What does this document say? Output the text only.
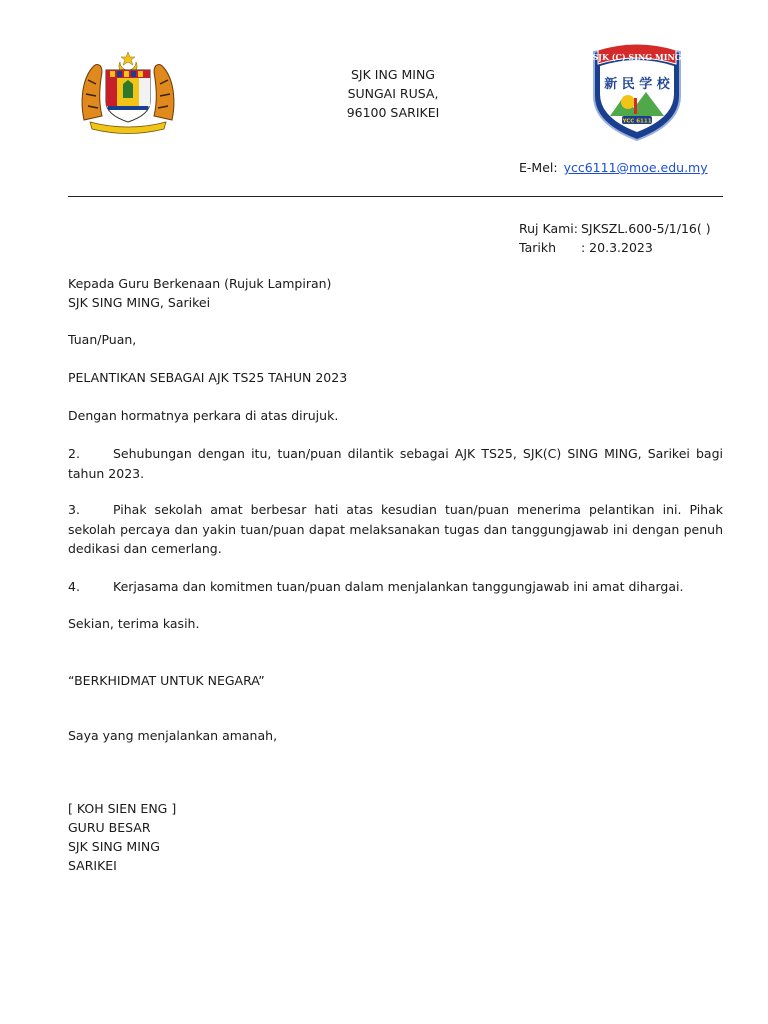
SJK ING MING
SUNGAI RUSA,
96100 SARIKEI
SJK (C) SING MING
新 民 学 校
YCC 6111
E-Mel: ycc6111@moe.edu.my
Ruj Kami: SJKSZL.600-5/1/16( )
Tarikh : 20.3.2023
Kepada Guru Berkenaan (Rujuk Lampiran)
SJK SING MING, Sarikei
Tuan/Puan,
PELANTIKAN SEBAGAI AJK TS25 TAHUN 2023
Dengan hormatnya perkara di atas dirujuk.
2.	Sehubungan dengan itu, tuan/puan dilantik sebagai AJK TS25, SJK(C) SING MING, Sarikei bagi tahun 2023.
3.	Pihak sekolah amat berbesar hati atas kesudian tuan/puan menerima pelantikan ini. Pihak sekolah percaya dan yakin tuan/puan dapat melaksanakan tugas dan tanggungjawab ini dengan penuh dedikasi dan cemerlang.
4.	Kerjasama dan komitmen tuan/puan dalam menjalankan tanggungjawab ini amat dihargai.
Sekian, terima kasih.
“BERKHIDMAT UNTUK NEGARA”
Saya yang menjalankan amanah,
[ KOH SIEN ENG ]
GURU BESAR
SJK SING MING
SARIKEI
